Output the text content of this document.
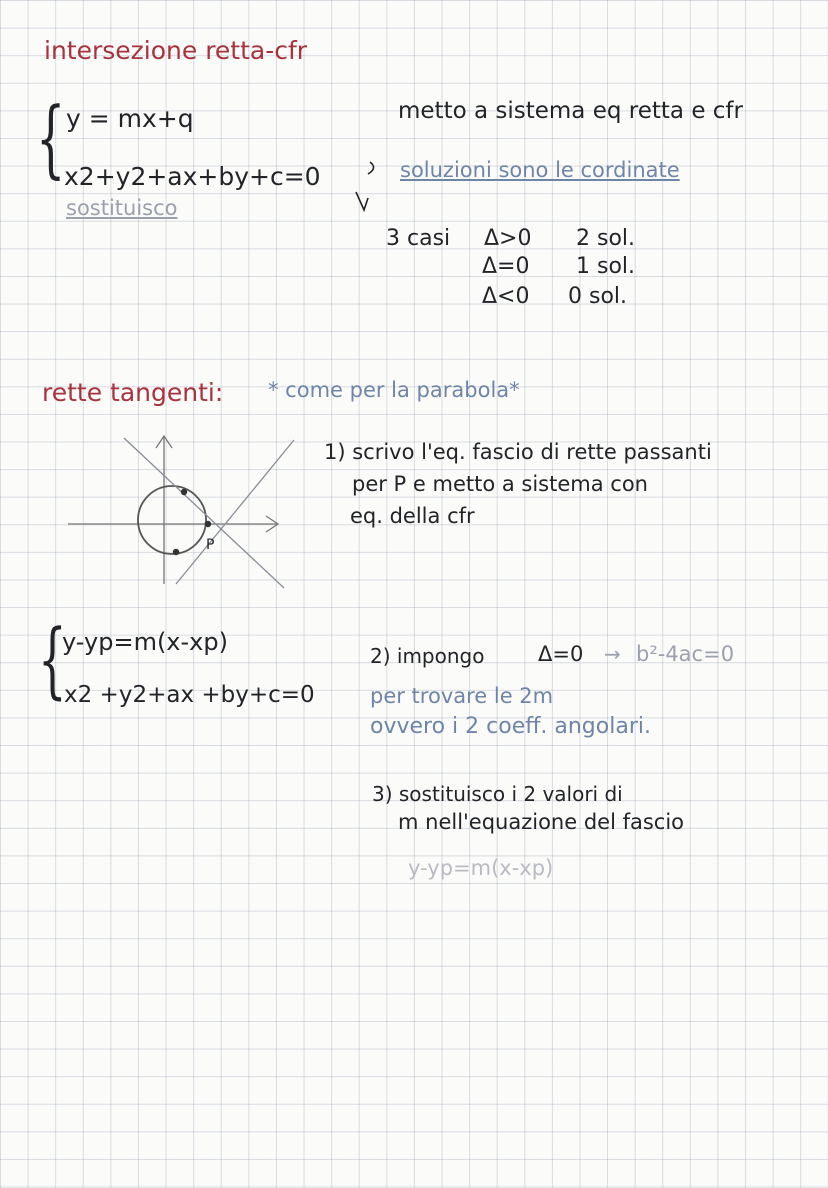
intersezione retta-cfr
{ y = mx+q
x2+y2+ax+by+c=0
sostituisco
metto a sistema eq retta e cfr
soluzioni sono le cordinate
3 casi Δ>0 2 sol.
Δ=0 1 sol.
Δ<0 0 sol.
rette tangenti: * come per la parabola*
P
1) scrivo l'eq. fascio di rette passanti
per P e metto a sistema con
eq. della cfr
{
y-yp=m(x-xp)
x2 +y2+ax +by+c=0
2) impongo	Δ=0 → b²-4ac=0
per trovare le 2m
ovvero i 2 coeff. angolari.
3) sostituisco i 2 valori di
m nell'equazione del fascio
y-yp=m(x-xp)
